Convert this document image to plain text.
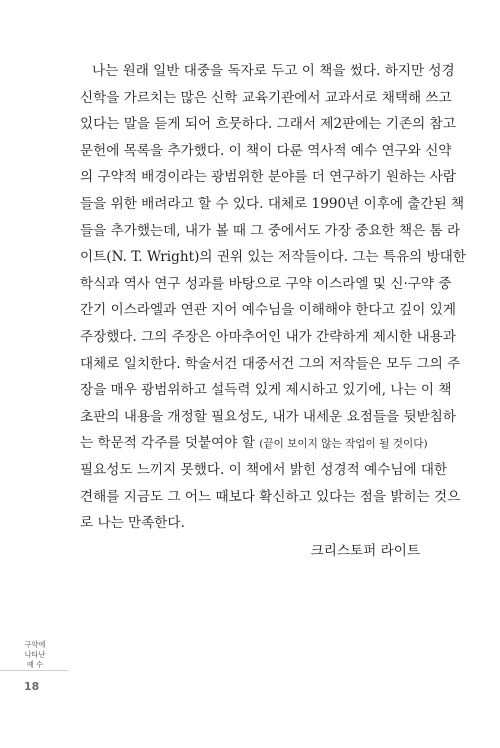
나는 원래 일반 대중을 독자로 두고 이 책을 썼다. 하지만 성경
신학을 가르치는 많은 신학 교육기관에서 교과서로 채택해 쓰고
있다는 말을 듣게 되어 흐뭇하다. 그래서 제2판에는 기존의 참고
문헌에 목록을 추가했다. 이 책이 다룬 역사적 예수 연구와 신약
의 구약적 배경이라는 광범위한 분야를 더 연구하기 원하는 사람
들을 위한 배려라고 할 수 있다. 대체로 1990년 이후에 출간된 책
들을 추가했는데, 내가 볼 때 그 중에서도 가장 중요한 책은 톰 라
이트(N. T. Wright)의 권위 있는 저작들이다. 그는 특유의 방대한
학식과 역사 연구 성과를 바탕으로 구약 이스라엘 및 신·구약 중
간기 이스라엘과 연관 지어 예수님을 이해해야 한다고 깊이 있게
주장했다. 그의 주장은 아마추어인 내가 간략하게 제시한 내용과
대체로 일치한다. 학술서건 대중서건 그의 저작들은 모두 그의 주
장을 매우 광범위하고 설득력 있게 제시하고 있기에, 나는 이 책
초판의 내용을 개정할 필요성도, 내가 내세운 요점들을 뒷받침하
는 학문적 각주를 덧붙여야 할 (끝이 보이지 않는 작업이 될 것이다)
필요성도 느끼지 못했다. 이 책에서 밝힌 성경적 예수님에 대한
견해를 지금도 그 어느 때보다 확신하고 있다는 점을 밝히는 것으
로 나는 만족한다.
크리스토퍼 라이트
구약에
나타난
예 수
18
